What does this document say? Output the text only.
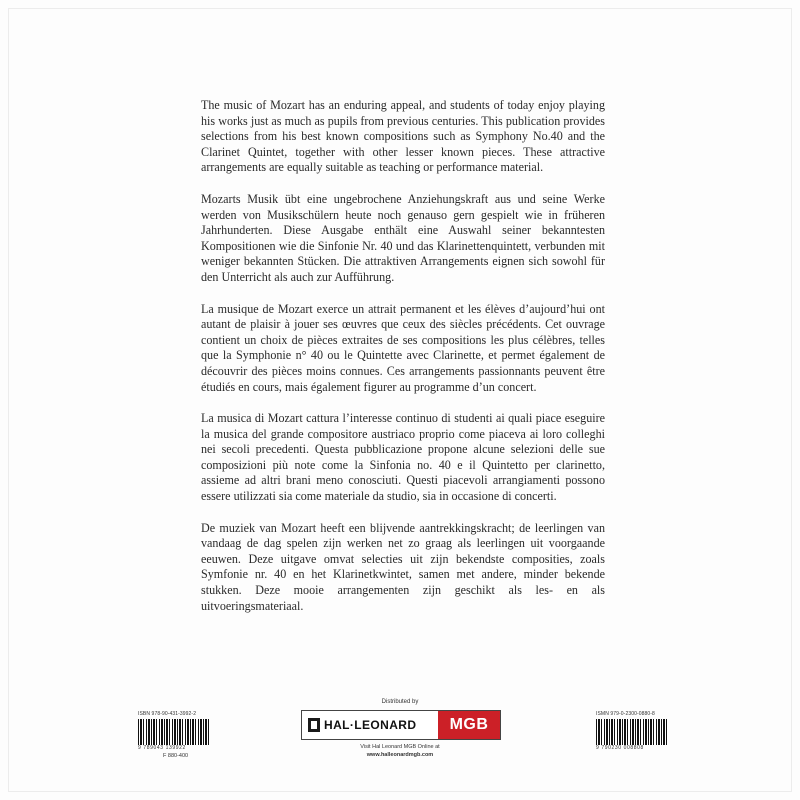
The music of Mozart has an enduring appeal, and students of today enjoy playing his works just as much as pupils from previous centuries. This publication provides selections from his best known compositions such as Symphony No.40 and the Clarinet Quintet, together with other lesser known pieces. These attractive arrangements are equally suitable as teaching or performance material.

Mozarts Musik übt eine ungebrochene Anziehungskraft aus und seine Werke werden von Musikschülern heute noch genauso gern gespielt wie in früheren Jahrhunderten. Diese Ausgabe enthält eine Auswahl seiner bekanntesten Kompositionen wie die Sinfonie Nr. 40 und das Klarinettenquintett, verbunden mit weniger bekannten Stücken. Die attraktiven Arrangements eignen sich sowohl für den Unterricht als auch zur Aufführung.

La musique de Mozart exerce un attrait permanent et les élèves d’aujourd’hui ont autant de plaisir à jouer ses œuvres que ceux des siècles précédents. Cet ouvrage contient un choix de pièces extraites de ses compositions les plus célèbres, telles que la Symphonie n° 40 ou le Quintette avec Clarinette, et permet également de découvrir des pièces moins connues. Ces arrangements passionnants peuvent être étudiés en cours, mais également figurer au programme d’un concert.

La musica di Mozart cattura l’interesse continuo di studenti ai quali piace eseguire la musica del grande compositore austriaco proprio come piaceva ai loro colleghi nei secoli precedenti. Questa pubblicazione propone alcune selezioni delle sue composizioni più note come la Sinfonia no. 40 e il Quintetto per clarinetto, assieme ad altri brani meno conosciuti. Questi piacevoli arrangiamenti possono essere utilizzati sia come materiale da studio, sia in occasione di concerti.

De muziek van Mozart heeft een blijvende aantrekkingskracht; de leerlingen van vandaag de dag spelen zijn werken net zo graag als leerlingen uit voorgaande eeuwen. Deze uitgave omvat selecties uit zijn bekendste composities, zoals Symfonie nr. 40 en het Klarinetkwintet, samen met andere, minder bekende stukken. Deze mooie arrangementen zijn geschikt als les- en als uitvoeringsmateriaal.

ISBN 978-90-431-3992-2
9 789043 139922
F 880-400
Distributed by
HAL·LEONARD	MGB
Visit Hal Leonard MGB Online at
www.halleonardmgb.com
ISMN 979-0-2300-0880-8
9 790230 008808
